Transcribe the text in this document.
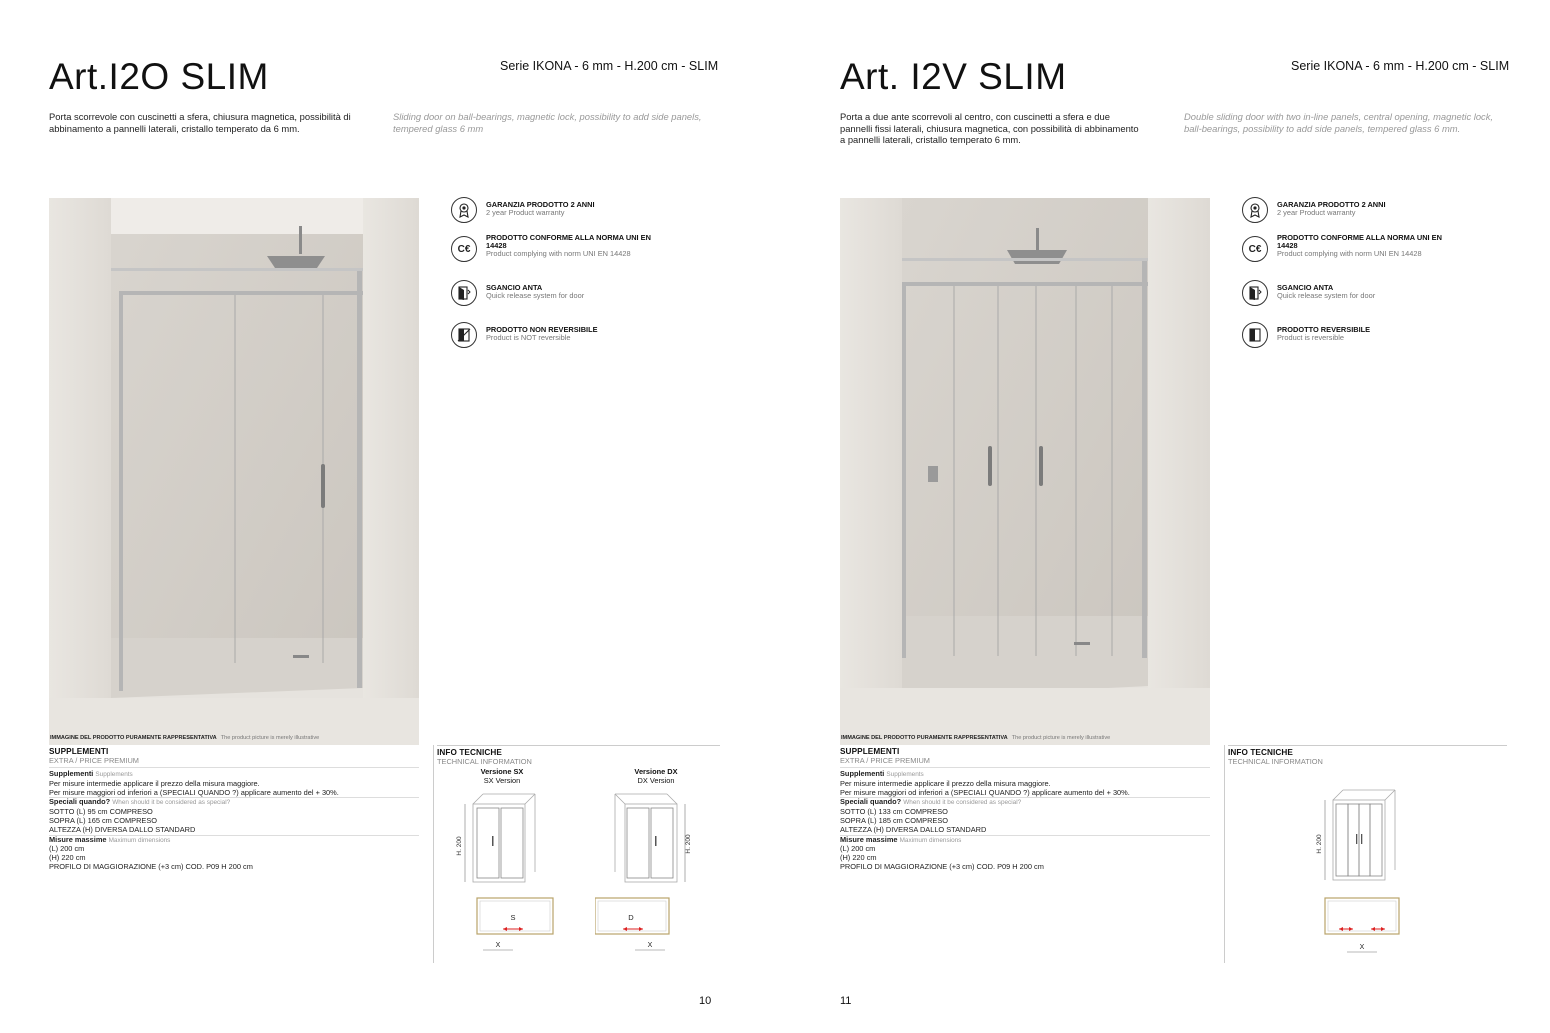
Art.I2O SLIM	Serie IKONA - 6 mm - H.200 cm - SLIM

Porta scorrevole con cuscinetti a sfera, chiusura magnetica, possibilità di abbinamento a pannelli laterali, cristallo temperato da 6 mm.

Sliding door on ball-bearings, magnetic lock, possibility to add side panels, tempered glass 6 mm

IMMAGINE DEL PRODOTTO PURAMENTE RAPPRESENTATIVA The product picture is merely illustrative
GARANZIA PRODOTTO 2 ANNI
2 year Product warranty
C€
PRODOTTO CONFORME ALLA NORMA UNI EN 14428
Product complying with norm UNI EN 14428
SGANCIO ANTA
Quick release system for door
PRODOTTO NON REVERSIBILE
Product is NOT reversible
SUPPLEMENTI
EXTRA / PRICE PREMIUM

Supplementi Supplements

Per misure intermedie applicare il prezzo della misura maggiore.

Per misure maggiori od inferiori a (SPECIALI QUANDO ?) applicare aumento del + 30%.

Speciali quando? When should it be considered as special?

SOTTO (L) 95 cm COMPRESO

SOPRA (L) 165 cm COMPRESO

ALTEZZA (H) DIVERSA DALLO STANDARD

Misure massime Maximum dimensions

(L) 200 cm

(H) 220 cm

PROFILO DI MAGGIORAZIONE (+3 cm) COD. P09 H 200 cm

INFO TECNICHE
TECHNICAL INFORMATION
Versione SX
SX Version
Versione DX
DX Version
H. 200
S
X
H. 200
D
X
10
Art. I2V SLIM	Serie IKONA - 6 mm - H.200 cm - SLIM

Porta a due ante scorrevoli al centro, con cuscinetti a sfera e due pannelli fissi laterali, chiusura magnetica, con possibilità di abbinamento a pannelli laterali, cristallo temperato 6 mm.

Double sliding door with two in-line panels, central opening, magnetic lock, ball-bearings, possibility to add side panels, tempered glass 6 mm.

IMMAGINE DEL PRODOTTO PURAMENTE RAPPRESENTATIVA The product picture is merely illustrative
GARANZIA PRODOTTO 2 ANNI
2 year Product warranty
C€
PRODOTTO CONFORME ALLA NORMA UNI EN 14428
Product complying with norm UNI EN 14428
SGANCIO ANTA
Quick release system for door
PRODOTTO REVERSIBILE
Product is reversible
SUPPLEMENTI
EXTRA / PRICE PREMIUM

Supplementi Supplements

Per misure intermedie applicare il prezzo della misura maggiore.

Per misure maggiori od inferiori a (SPECIALI QUANDO ?) applicare aumento del + 30%.

Speciali quando? When should it be considered as special?

SOTTO (L) 133 cm COMPRESO

SOPRA (L) 185 cm COMPRESO

ALTEZZA (H) DIVERSA DALLO STANDARD

Misure massime Maximum dimensions

(L) 200 cm

(H) 220 cm

PROFILO DI MAGGIORAZIONE (+3 cm) COD. P09 H 200 cm

INFO TECNICHE
TECHNICAL INFORMATION
H. 200
X
11
